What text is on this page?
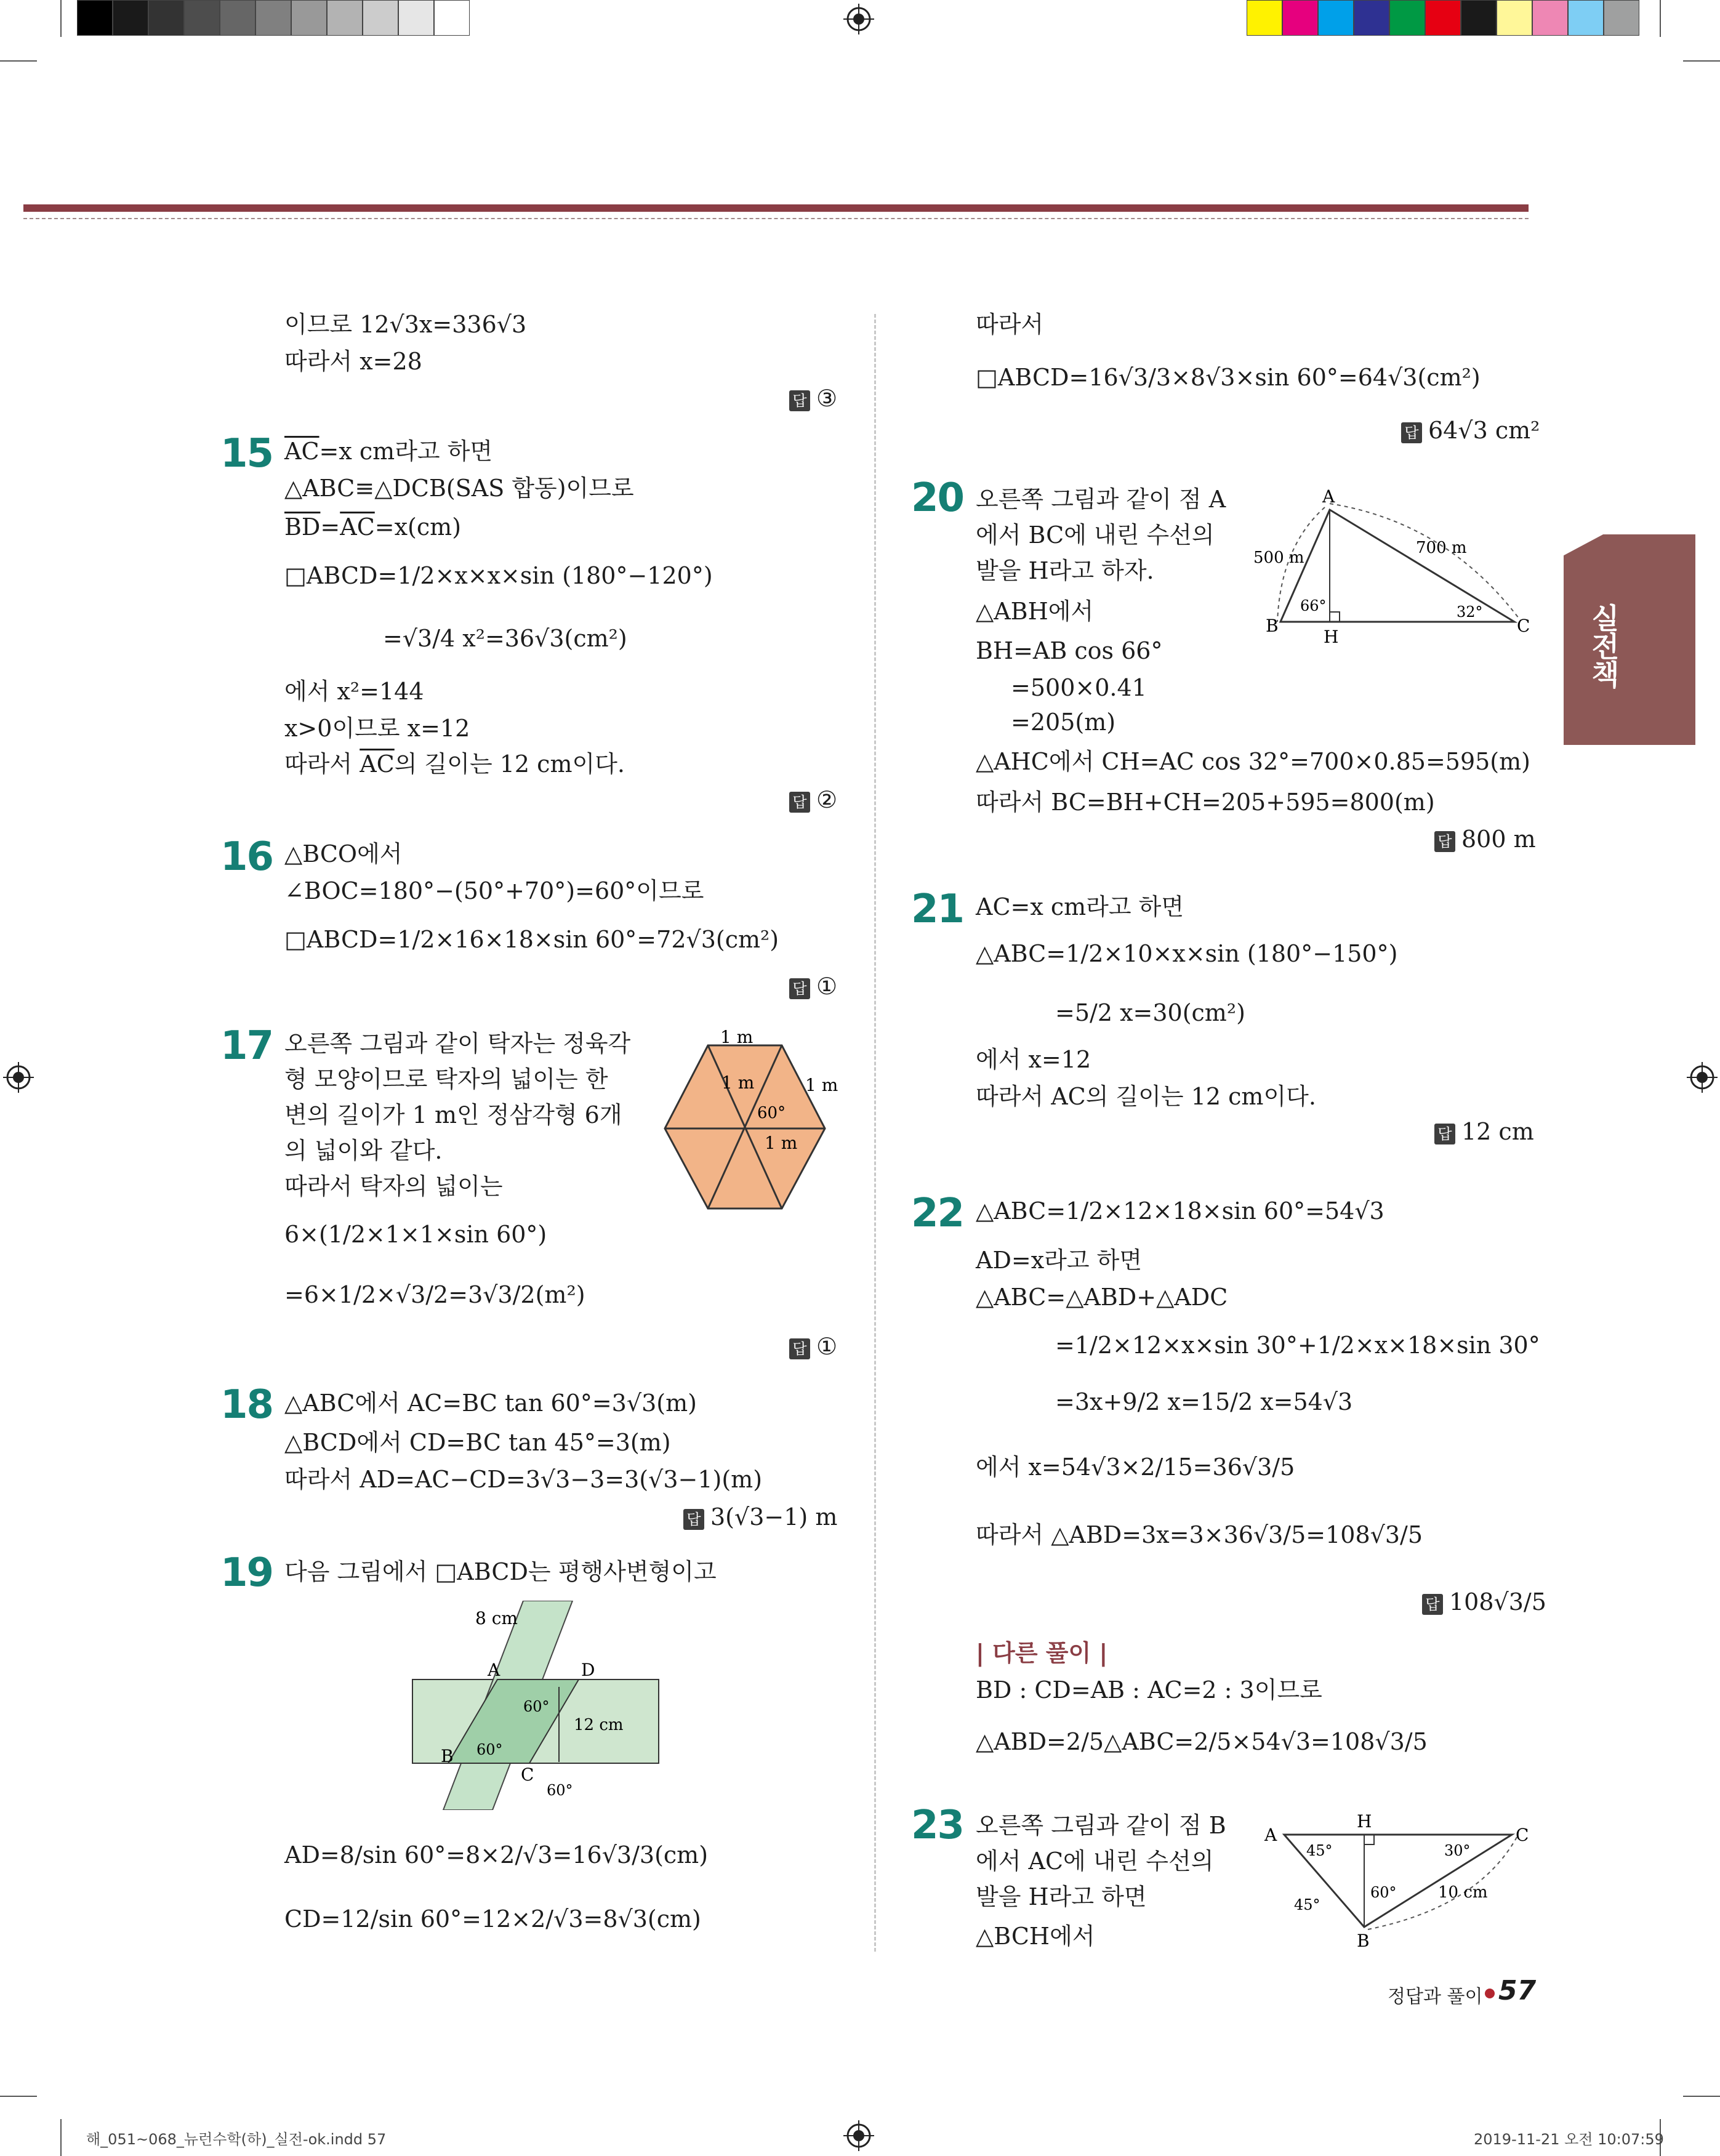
실전책
이므로 12√3x=336√3
따라서 x=28
답 ③
15 $\overline{AC}=x$ cm라고 하면
△ABC≡△DCB(SAS 합동)이므로
$\overline{BD}=\overline{AC}=x(cm)$
□ABCD=1/2×x×x×sin (180°−120°)
=√3/4 x²=36√3(cm²)
에서 x²=144
x>0이므로 x=12
따라서 $\overline{AC}$의 길이는 12 cm이다.
답 ②
16 △BCO에서
∠BOC=180°−(50°+70°)=60°이므로
□ABCD=1/2×16×18×sin 60°=72√3(cm²)
답 ①
17 오른쪽 그림과 같이 탁자는 정육각
형 모양이므로 탁자의 넓이는 한
변의 길이가 1 m인 정삼각형 6개
의 넓이와 같다.
따라서 탁자의 넓이는
6×(1/2×1×1×sin 60°)
=6×1/2×√3/2=3√3/2(m²)
1 m
1 m	1 m
60°
1 m
답 ①
18 △ABC에서 AC=BC tan 60°=3√3(m)
△BCD에서 CD=BC tan 45°=3(m)
따라서 AD=AC−CD=3√3−3=3(√3−1)(m)
답 3(√3−1) m
19 다음 그림에서 □ABCD는 평행사변형이고
8 cm
A	D
B
C
60°
60°
60°
12 cm
AD=8/sin 60°=8×2/√3=16√3/3(cm)
CD=12/sin 60°=12×2/√3=8√3(cm)
따라서
□ABCD=16√3/3×8√3×sin 60°=64√3(cm²)
답 64√3 cm²
20 오른쪽 그림과 같이 점 A
에서 BC에 내린 수선의
발을 H라고 하자.
△ABH에서
BH=AB cos 66°
=500×0.41
=205(m)
△AHC에서 CH=AC cos 32°=700×0.85=595(m)
따라서 BC=BH+CH=205+595=800(m)
A
B	C
H
500 m
700 m
66°	32°
답 800 m
21 AC=x cm라고 하면
△ABC=1/2×10×x×sin (180°−150°)
=5/2 x=30(cm²)
에서 x=12
따라서 AC의 길이는 12 cm이다.
답 12 cm
22 △ABC=1/2×12×18×sin 60°=54√3
AD=x라고 하면
△ABC=△ABD+△ADC
=1/2×12×x×sin 30°+1/2×x×18×sin 30°
=3x+9/2 x=15/2 x=54√3
에서 x=54√3×2/15=36√3/5
따라서 △ABD=3x=3×36√3/5=108√3/5
답 108√3/5
| 다른 풀이 |
BD : CD=AB : AC=2 : 3이므로
△ABD=2/5△ABC=2/5×54√3=108√3/5
23 오른쪽 그림과 같이 점 B
에서 AC에 내린 수선의
발을 H라고 하면
△BCH에서
A
H
C
B
45°
45°
30°
60°	10 cm
정답과 풀이 57
해_051~068_뉴런수학(하)_실전-ok.indd 57	2019-11-21 오전 10:07:59
